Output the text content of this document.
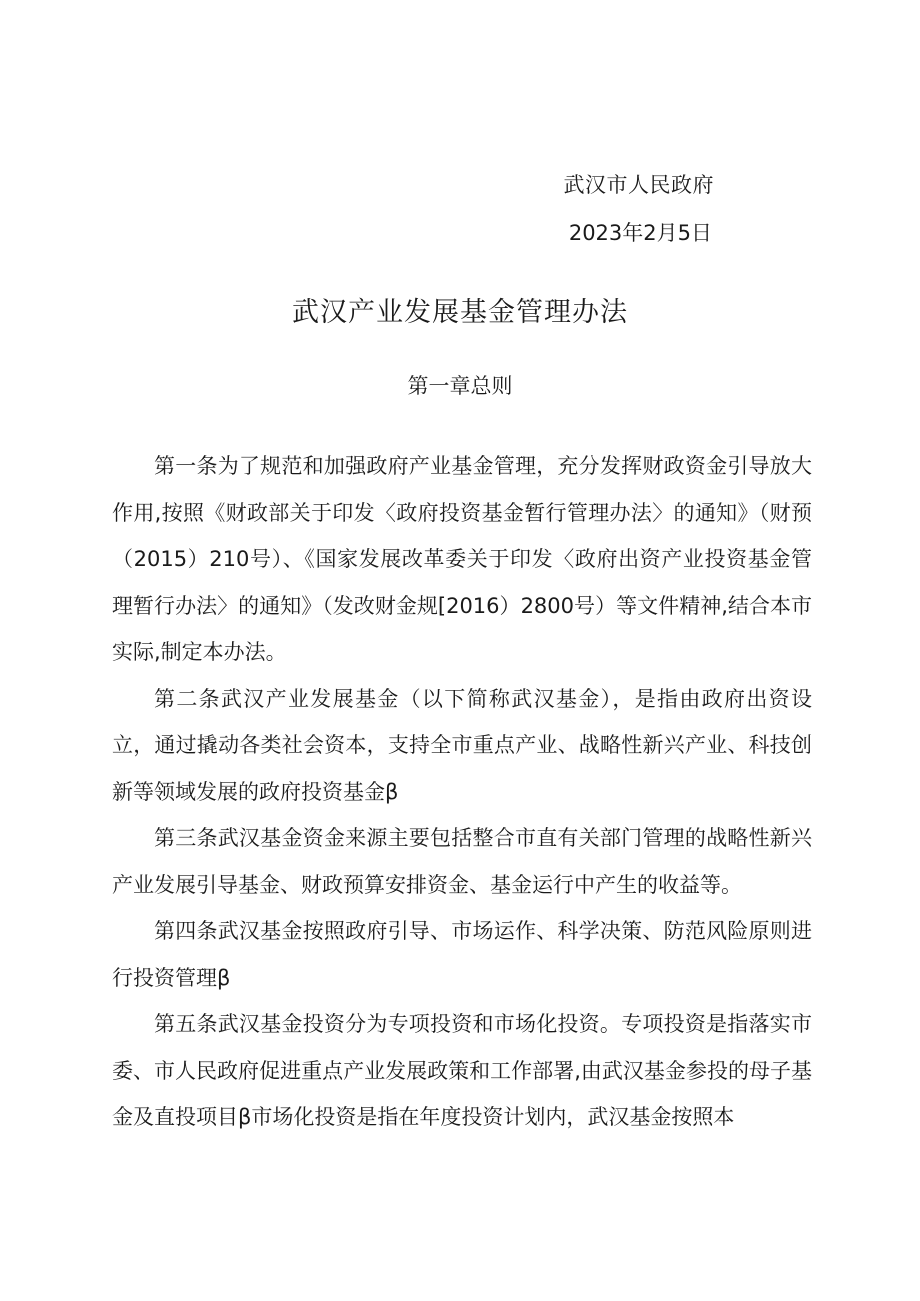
武汉市人民政府
2023年2月5日
武汉产业发展基金管理办法
第一章总则

第一条为了规范和加强政府产业基金管理，充分发挥财政资金引导放大作用,按照《财政部关于印发〈政府投资基金暂行管理办法〉的通知》（财预（2015）210号）、《国家发展改革委关于印发〈政府出资产业投资基金管理暂行办法〉的通知》（发改财金规[2016）2800号）等文件精神,结合本市实际,制定本办法。

第二条武汉产业发展基金（以下简称武汉基金），是指由政府出资设立，通过撬动各类社会资本，支持全市重点产业、战略性新兴产业、科技创新等领域发展的政府投资基金β

第三条武汉基金资金来源主要包括整合市直有关部门管理的战略性新兴产业发展引导基金、财政预算安排资金、基金运行中产生的收益等。

第四条武汉基金按照政府引导、市场运作、科学决策、防范风险原则进行投资管理β

第五条武汉基金投资分为专项投资和市场化投资。专项投资是指落实市委、市人民政府促进重点产业发展政策和工作部署,由武汉基金参投的母子基金及直投项目β市场化投资是指在年度投资计划内，武汉基金按照本
